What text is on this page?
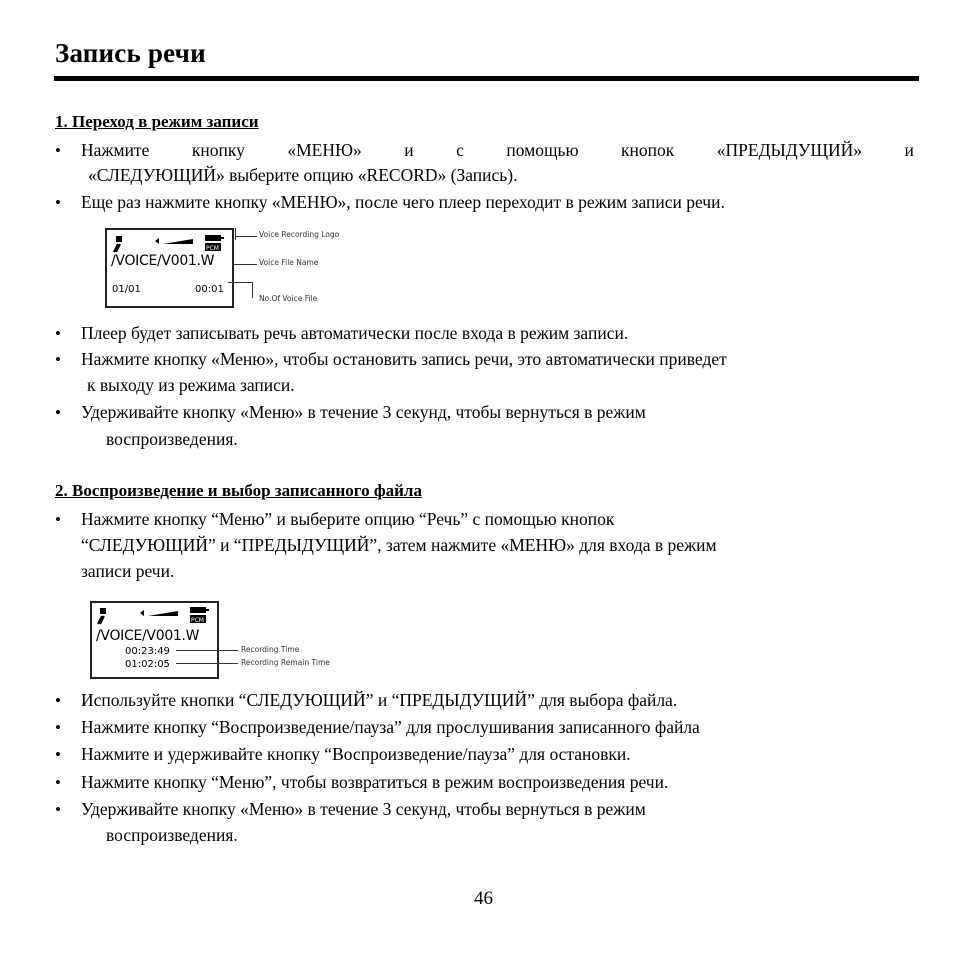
Запись речи
1. Переход в режим записи
• Нажмите кнопку «МЕНЮ» и с помощью кнопок «ПРЕДЫДУЩИЙ» и
«СЛЕДУЮЩИЙ» выберите опцию «RECORD» (Запись).
• Еще раз нажмите кнопку «МЕНЮ», после чего плеер переходит в режим записи речи.
PCM
/VOICE/V001.W
01/01	00:01
Voice Recording Logo
Voice File Name
No.Of Voice File
• Плеер будет записывать речь автоматически после входа в режим записи.
• Нажмите кнопку «Меню», чтобы остановить запись речи, это автоматически приведет
к выходу из режима записи.
• Удерживайте кнопку «Меню» в течение 3 секунд, чтобы вернуться в режим
воспроизведения.
2. Воспроизведение и выбор записанного файла
• Нажмите кнопку “Меню” и выберите опцию “Речь” с помощью кнопок
“СЛЕДУЮЩИЙ” и “ПРЕДЫДУЩИЙ”, затем нажмите «МЕНЮ» для входа в режим
записи речи.
PCM
/VOICE/V001.W
00:23:49
01:02:05
Recording Time
Recording Remain Time
• Используйте кнопки “СЛЕДУЮЩИЙ” и “ПРЕДЫДУЩИЙ” для выбора файла.
• Нажмите кнопку “Воспроизведение/пауза” для прослушивания записанного файла
• Нажмите и удерживайте кнопку “Воспроизведение/пауза” для остановки.
• Нажмите кнопку “Меню”, чтобы возвратиться в режим воспроизведения речи.
• Удерживайте кнопку «Меню» в течение 3 секунд, чтобы вернуться в режим
воспроизведения.
46
